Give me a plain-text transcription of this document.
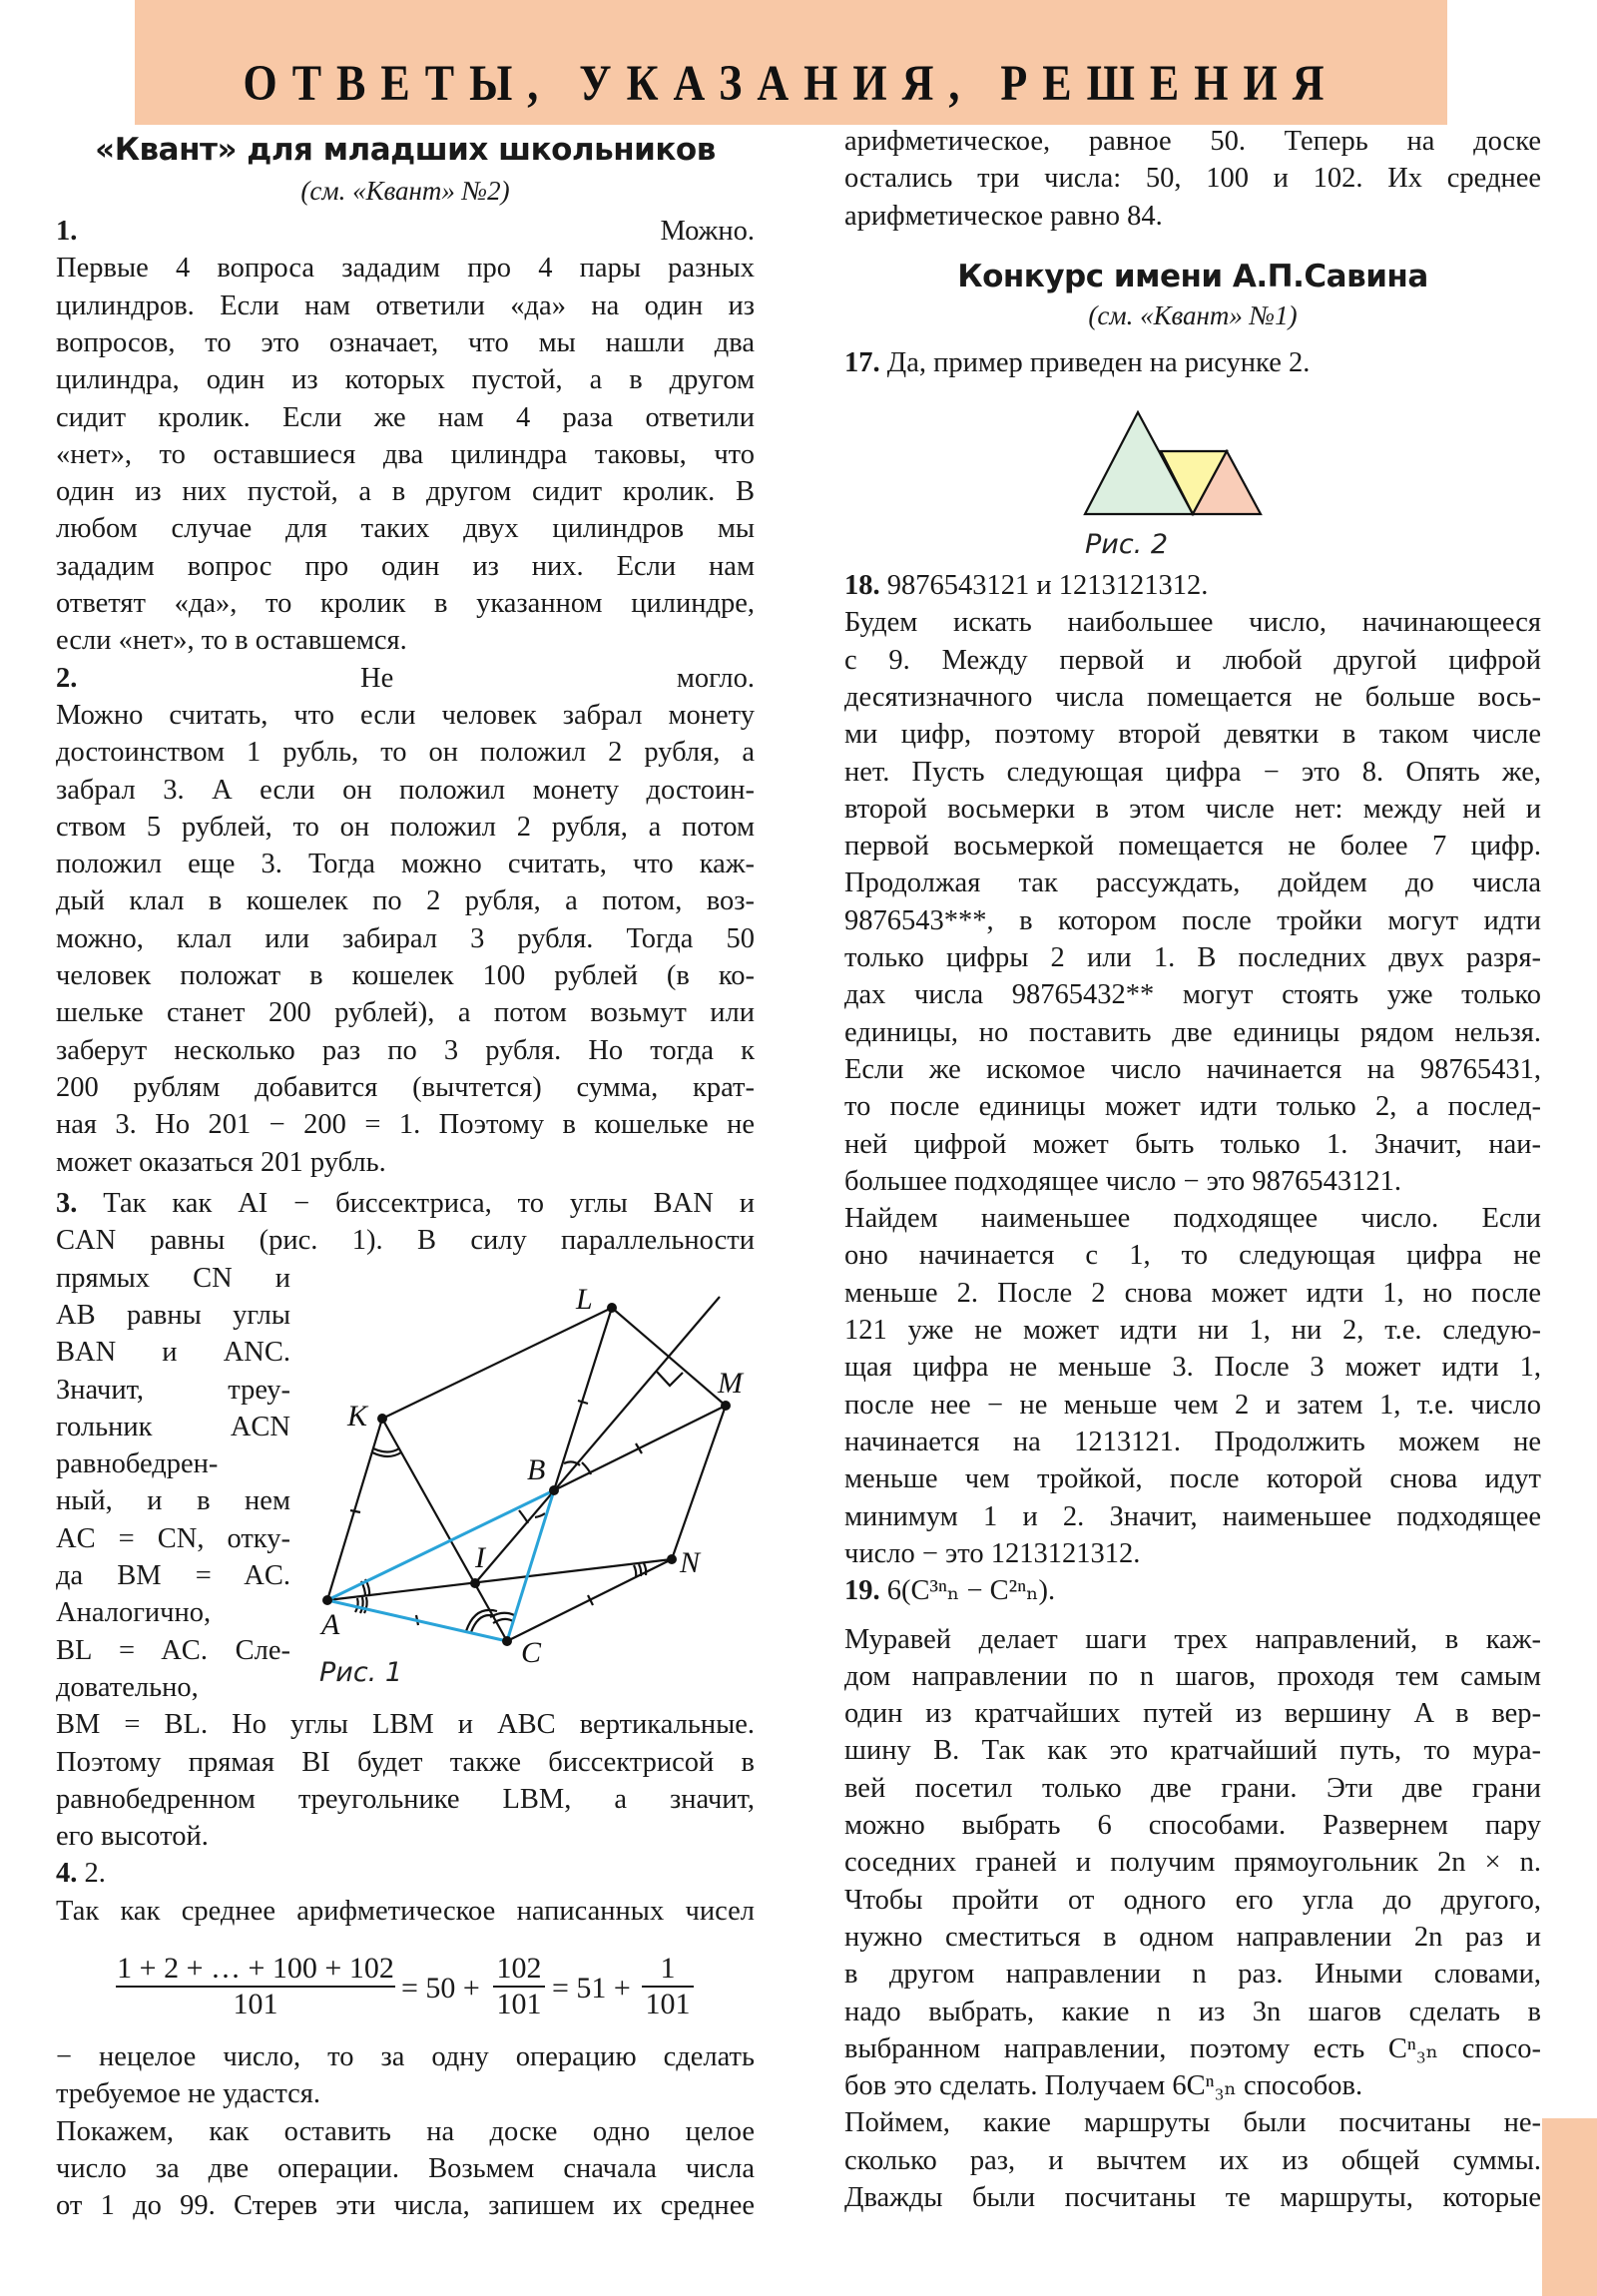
ОТВЕТЫ, УКАЗАНИЯ, РЕШЕНИЯ
«Квант» для младших школьников
(см. «Квант» №2)
Конкурс имени А.П.Савина
(см. «Квант» №1)
1. Можно.
Первые 4 вопроса зададим про 4 пары разных
цилиндров. Если нам ответили «да» на один из
вопросов, то это означает, что мы нашли два
цилиндра, один из которых пустой, а в другом
сидит кролик. Если же нам 4 раза ответили
«нет», то оставшиеся два цилиндра таковы, что
один из них пустой, а в другом сидит кролик. В
любом случае для таких двух цилиндров мы
зададим вопрос про один из них. Если нам
ответят «да», то кролик в указанном цилиндре,
если «нет», то в оставшемся.
2. Не могло.
Можно считать, что если человек забрал монету
достоинством 1 рубль, то он положил 2 рубля, а
забрал 3. А если он положил монету достоин-
ством 5 рублей, то он положил 2 рубля, а потом
положил еще 3. Тогда можно считать, что каж-
дый клал в кошелек по 2 рубля, а потом, воз-
можно, клал или забирал 3 рубля. Тогда 50
человек положат в кошелек 100 рублей (в ко-
шельке станет 200 рублей), а потом возьмут или
заберут несколько раз по 3 рубля. Но тогда к
200 рублям добавится (вычтется) сумма, крат-
ная 3. Но 201 − 200 = 1. Поэтому в кошельке не
может оказаться 201 рубль.
3. Так как AI − биссектриса, то углы BAN и
CAN равны (рис. 1). В силу параллельности
прямых CN и
AB равны углы
BAN и ANC.
Значит, треу-
гольник ACN
равнобедрен-
ный, и в нем
AC = CN, отку-
да BM = AC.
Аналогично,
BL = AC. Сле-
довательно,
BM = BL. Но углы LBM и ABC вертикальные.
Поэтому прямая BI будет также биссектрисой в
равнобедренном треугольнике LBM, а значит,
его высотой.
4. 2.
Так как среднее арифметическое написанных чисел
− нецелое число, то за одну операцию сделать
требуемое не удастся.
Покажем, как оставить на доске одно целое
число за две операции. Возьмем сначала числа
от 1 до 99. Стерев эти числа, запишем их среднее
арифметическое, равное 50. Теперь на доске
остались три числа: 50, 100 и 102. Их среднее
арифметическое равно 84.
17. Да, пример приведен на рисунке 2.
18. 9876543121 и 1213121312.
Будем искать наибольшее число, начинающееся
с 9. Между первой и любой другой цифрой
десятизначного числа помещается не больше вось-
ми цифр, поэтому второй девятки в таком числе
нет. Пусть следующая цифра − это 8. Опять же,
второй восьмерки в этом числе нет: между ней и
первой восьмеркой помещается не более 7 цифр.
Продолжая так рассуждать, дойдем до числа
9876543***, в котором после тройки могут идти
только цифры 2 или 1. В последних двух разря-
дах числа 98765432** могут стоять уже только
единицы, но поставить две единицы рядом нельзя.
Если же искомое число начинается на 98765431,
то после единицы может идти только 2, а послед-
ней цифрой может быть только 1. Значит, наи-
большее подходящее число − это 9876543121.
Найдем наименьшее подходящее число. Если
оно начинается с 1, то следующая цифра не
меньше 2. После 2 снова может идти 1, но после
121 уже не может идти ни 1, ни 2, т.е. следую-
щая цифра не меньше 3. После 3 может идти 1,
после нее − не меньше чем 2 и затем 1, т.е. число
начинается на 1213121. Продолжить можем не
меньше чем тройкой, после которой снова идут
минимум 1 и 2. Значит, наименьшее подходящее
число − это 1213121312.
19. 6(C³ⁿₙ − C²ⁿₙ).
Муравей делает шаги трех направлений, в каж-
дом направлении по n шагов, проходя тем самым
один из кратчайших путей из вершину A в вер-
шину B. Так как это кратчайший путь, то мура-
вей посетил только две грани. Эти две грани
можно выбрать 6 способами. Развернем пару
соседних граней и получим прямоугольник 2n × n.
Чтобы пройти от одного его угла до другого,
нужно сместиться в одном направлении 2n раз и
в другом направлении n раз. Иными словами,
надо выбрать, какие n из 3n шагов сделать в
выбранном направлении, поэтому есть Cⁿ₃ₙ спосо-
бов это сделать. Получаем 6Cⁿ₃ₙ способов.
Поймем, какие маршруты были посчитаны не-
сколько раз, и вычтем их из общей суммы.
Дважды были посчитаны те маршруты, которые
$\frac{1 + 2 + \dots + 100 + 102}{101} = 50 + \frac{102}{101} = 51 + \frac{1}{101}$
L
M
K
B
I	N
A
C
Рис. 1
Рис. 2
